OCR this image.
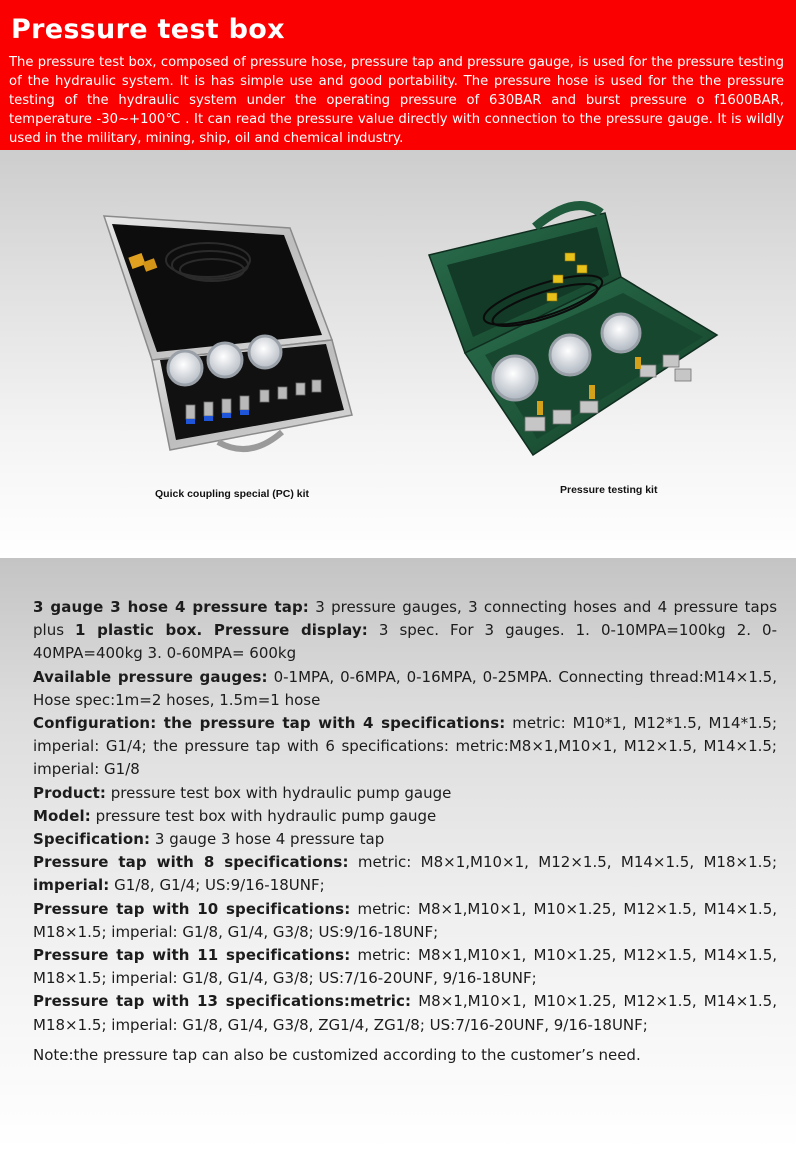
Pressure test box

The pressure test box, composed of pressure hose, pressure tap and pressure gauge, is used for the pressure testing of the hydraulic system. It is has simple use and good portability. The pressure hose is used for the the pressure testing of the hydraulic system under the operating pressure of 630BAR and burst pressure o f1600BAR, temperature -30~+100℃ . It can read the pressure value directly with connection to the pressure gauge. It is wildly used in the military, mining, ship, oil and chemical industry.

Quick coupling special (PC) kit	Pressure testing kit

3 gauge 3 hose 4 pressure tap: 3 pressure gauges, 3 connecting hoses and 4 pressure taps plus 1 plastic box. Pressure display: 3 spec. For 3 gauges. 1. 0-10MPA=100kg 2. 0-40MPA=400kg 3. 0-60MPA= 600kg

Available pressure gauges: 0-1MPA, 0-6MPA, 0-16MPA, 0-25MPA. Connecting thread:M14×1.5, Hose spec:1m=2 hoses, 1.5m=1 hose

Configuration: the pressure tap with 4 specifications: metric: M10*1, M12*1.5, M14*1.5; imperial: G1/4; the pressure tap with 6 specifications: metric:M8×1,M10×1, M12×1.5, M14×1.5; imperial: G1/8

Product: pressure test box with hydraulic pump gauge

Model: pressure test box with hydraulic pump gauge

Specification: 3 gauge 3 hose 4 pressure tap

Pressure tap with 8 specifications: metric: M8×1,M10×1, M12×1.5, M14×1.5, M18×1.5; imperial: G1/8, G1/4; US:9/16-18UNF;

Pressure tap with 10 specifications: metric: M8×1,M10×1, M10×1.25, M12×1.5, M14×1.5, M18×1.5; imperial: G1/8, G1/4, G3/8; US:9/16-18UNF;

Pressure tap with 11 specifications: metric: M8×1,M10×1, M10×1.25, M12×1.5, M14×1.5, M18×1.5; imperial: G1/8, G1/4, G3/8; US:7/16-20UNF, 9/16-18UNF;

Pressure tap with 13 specifications:metric: M8×1,M10×1, M10×1.25, M12×1.5, M14×1.5, M18×1.5; imperial: G1/8, G1/4, G3/8, ZG1/4, ZG1/8; US:7/16-20UNF, 9/16-18UNF;

Note:the pressure tap can also be customized according to the customer’s need.
